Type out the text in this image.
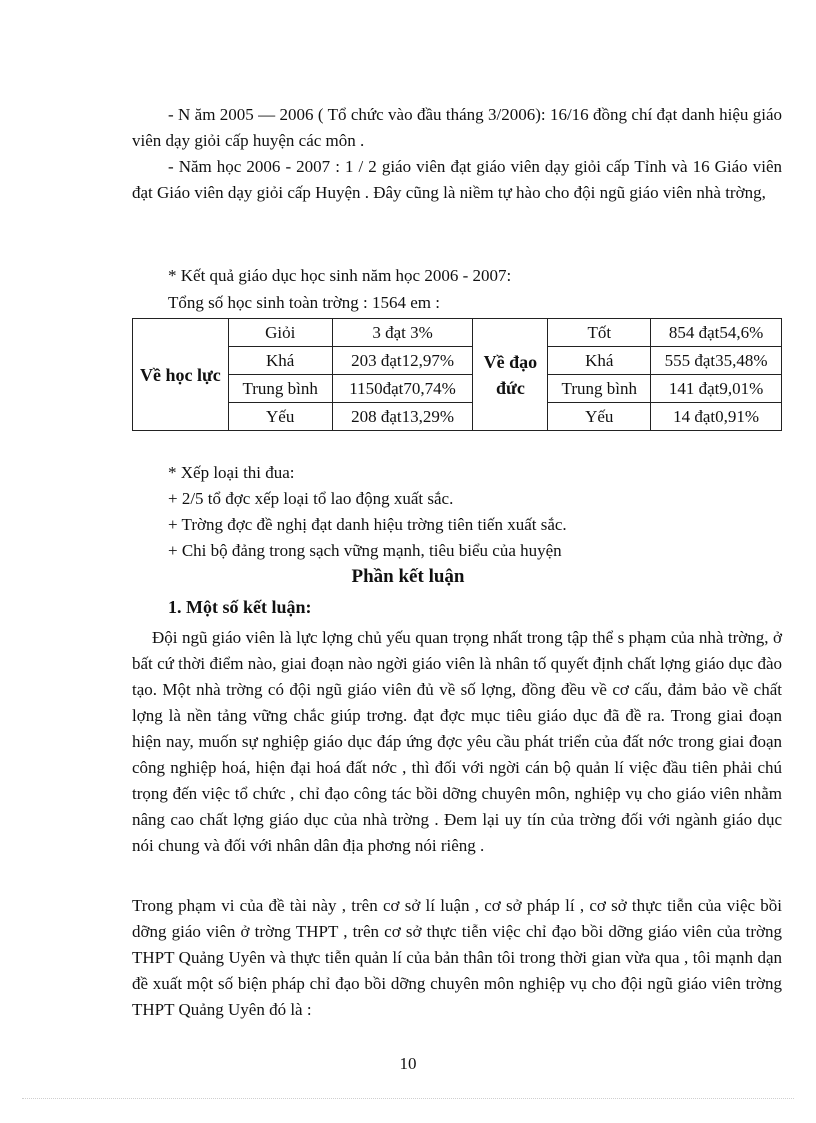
- N ăm 2005 — 2006 ( Tổ chức vào đầu tháng 3/2006): 16/16 đồng chí đạt danh hiệu giáo viên dạy giỏi cấp huyện các môn .

- Năm học 2006 - 2007 : 1 / 2 giáo viên đạt giáo viên dạy giỏi cấp Tỉnh và 16 Giáo viên đạt Giáo viên dạy giỏi cấp Huyện . Đây cũng là niềm tự hào cho đội ngũ giáo viên nhà trờng,

* Kết quả giáo dục học sinh năm học 2006 - 2007:

Tổng số học sinh toàn trờng : 1564 em :

Về học lực	Giỏi	3 đạt 3%	Về đạo đức	Tốt	854 đạt54,6%
	Khá	203 đạt12,97%		Khá	555 đạt35,48%
	Trung bình	1150đạt70,74%		Trung bình	141 đạt9,01%
	Yếu	208 đạt13,29%		Yếu	14 đạt0,91%

* Xếp loại thi đua:

+ 2/5 tổ đợc xếp loại tổ lao động xuất sắc.

+ Trờng đợc đề nghị đạt danh hiệu trờng tiên tiến xuất sắc.

+ Chi bộ đảng trong sạch vững mạnh, tiêu biểu của huyện

Phần kết luận

1. Một số kết luận:

Đội ngũ giáo viên là lực lợng chủ yếu quan trọng nhất trong tập thể s phạm của nhà trờng, ở bất cứ thời điểm nào, giai đoạn nào ngời giáo viên là nhân tố quyết định chất lợng giáo dục đào tạo. Một nhà trờng có đội ngũ giáo viên đủ về số lợng, đồng đều về cơ cấu, đảm bảo về chất lợng là nền tảng vững chắc giúp trơng. đạt đợc mục tiêu giáo dục đã đề ra. Trong giai đoạn hiện nay, muốn sự nghiệp giáo dục đáp ứng đợc yêu cầu phát triển của đất nớc trong giai đoạn công nghiệp hoá, hiện đại hoá đất nớc , thì đối với ngời cán bộ quản lí việc đầu tiên phải chú trọng đến việc tổ chức , chỉ đạo công tác bồi dỡng chuyên môn, nghiệp vụ cho giáo viên nhằm nâng cao chất lợng giáo dục của nhà trờng . Đem lại uy tín của trờng đối với ngành giáo dục nói chung và đối với nhân dân địa phơng nói riêng .

Trong phạm vi của đề tài này , trên cơ sở lí luận , cơ sở pháp lí , cơ sở thực tiễn của việc bồi dỡng giáo viên ở trờng THPT , trên cơ sở thực tiễn việc chỉ đạo bồi dỡng giáo viên của trờng THPT Quảng Uyên và thực tiễn quản lí của bản thân tôi trong thời gian vừa qua , tôi mạnh dạn đề xuất một số biện pháp chỉ đạo bồi dỡng chuyên môn nghiệp vụ cho đội ngũ giáo viên trờng THPT Quảng Uyên đó là :

10
